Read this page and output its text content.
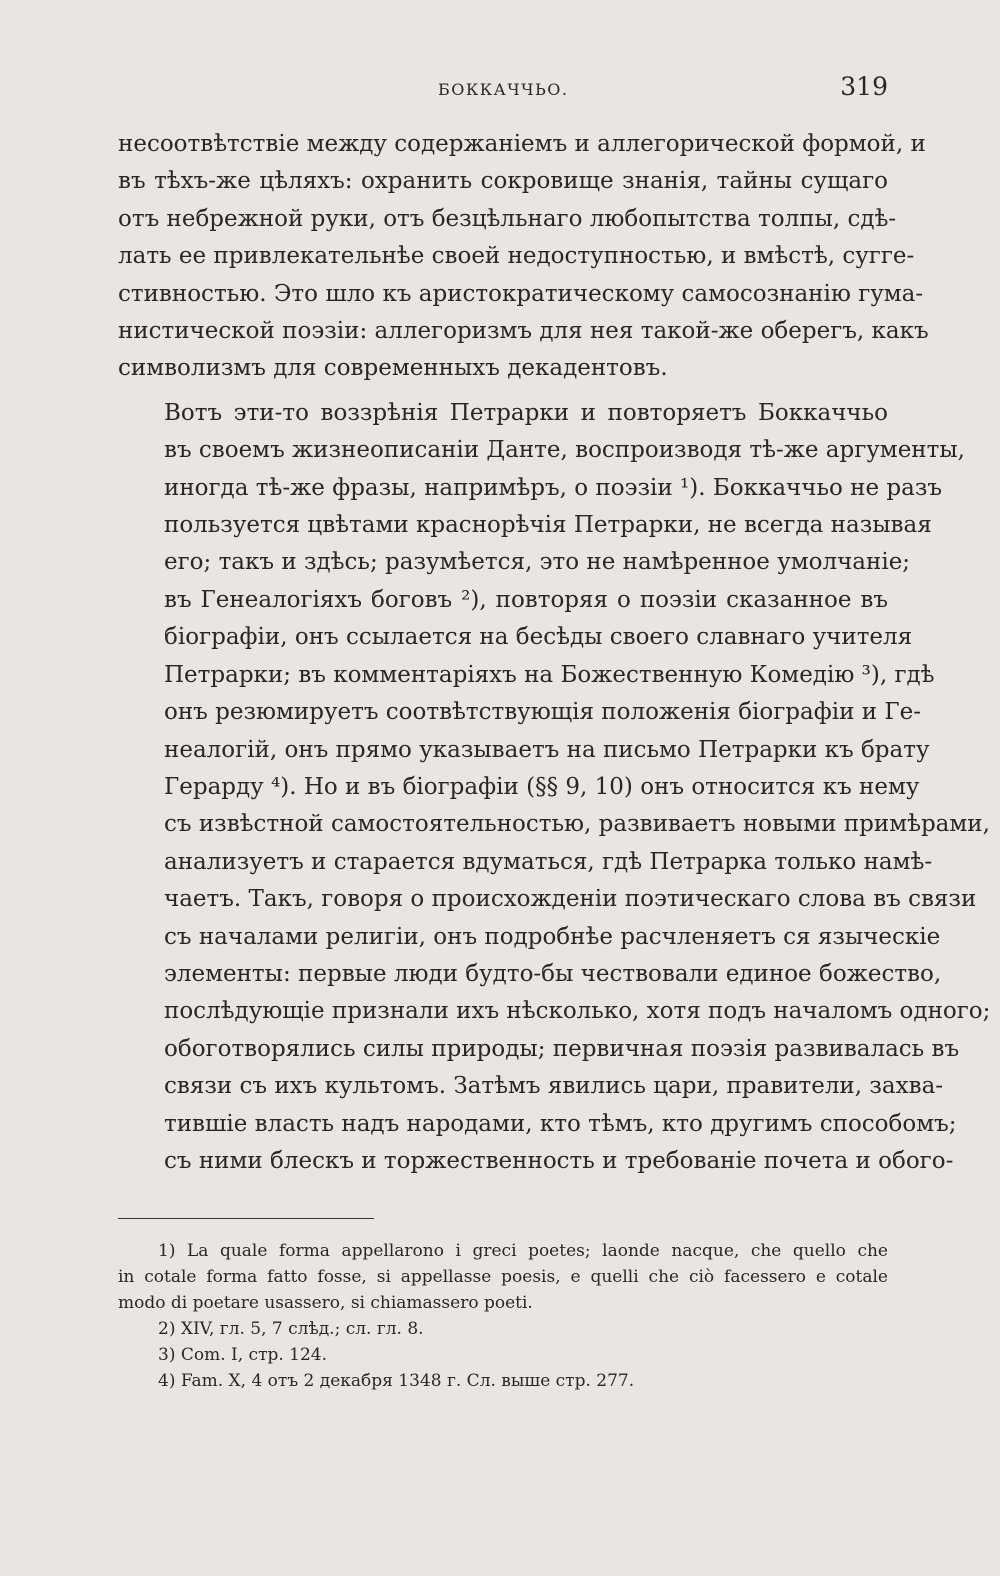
БОККАЧЧЬО.	319

несоотвѣтствіе между содержаніемъ и аллегорической формой, и
въ тѣхъ-же цѣляхъ: охранить сокровище знанія, тайны сущаго
отъ небрежной руки, отъ безцѣльнаго любопытства толпы, сдѣ-
лать ее привлекательнѣе своей недоступностью, и вмѣстѣ, сугге-
стивностью. Это шло къ аристократическому самосознанію гума-
нистической поэзіи: аллегоризмъ для нея такой-же оберегъ, какъ
символизмъ для современныхъ декадентовъ.

Вотъ эти-то воззрѣнія Петрарки и повторяетъ Боккаччьо
въ своемъ жизнеописаніи Данте, воспроизводя тѣ-же аргументы,
иногда тѣ-же фразы, напримѣръ, о поэзіи ¹). Боккаччьо не разъ
пользуется цвѣтами краснорѣчія Петрарки, не всегда называя
его; такъ и здѣсь; разумѣется, это не намѣренное умолчаніе;
въ Генеалогіяхъ боговъ ²), повторяя о поэзіи сказанное въ
біографіи, онъ ссылается на бесѣды своего славнаго учителя
Петрарки; въ комментаріяхъ на Божественную Комедію ³), гдѣ
онъ резюмируетъ соотвѣтствующія положенія біографіи и Ге-
неалогій, онъ прямо указываетъ на письмо Петрарки къ брату
Герарду ⁴). Но и въ біографіи (§§ 9, 10) онъ относится къ нему
съ извѣстной самостоятельностью, развиваетъ новыми примѣрами,
анализуетъ и старается вдуматься, гдѣ Петрарка только намѣ-
чаетъ. Такъ, говоря о происхожденіи поэтическаго слова въ связи
съ началами религіи, онъ подробнѣе расчленяетъ ся языческіе
элементы: первые люди будто-бы чествовали единое божество,
послѣдующіе признали ихъ нѣсколько, хотя подъ началомъ одного;
обоготворялись силы природы; первичная поэзія развивалась въ
связи съ ихъ культомъ. Затѣмъ явились цари, правители, захва-
тившіе власть надъ народами, кто тѣмъ, кто другимъ способомъ;
съ ними блескъ и торжественность и требованіе почета и обого-

1) La quale forma appellarono i greci poetes; laonde nacque, che quello che
in cotale forma fatto fosse, si appellasse poesis, e quelli che ciò facessero e cotale
modo di poetare usassero, si chiamassero poeti.

2) XIV, гл. 5, 7 слѣд.; сл. гл. 8.

3) Com. I, стр. 124.

4) Fam. X, 4 отъ 2 декабря 1348 г. Сл. выше стр. 277.
